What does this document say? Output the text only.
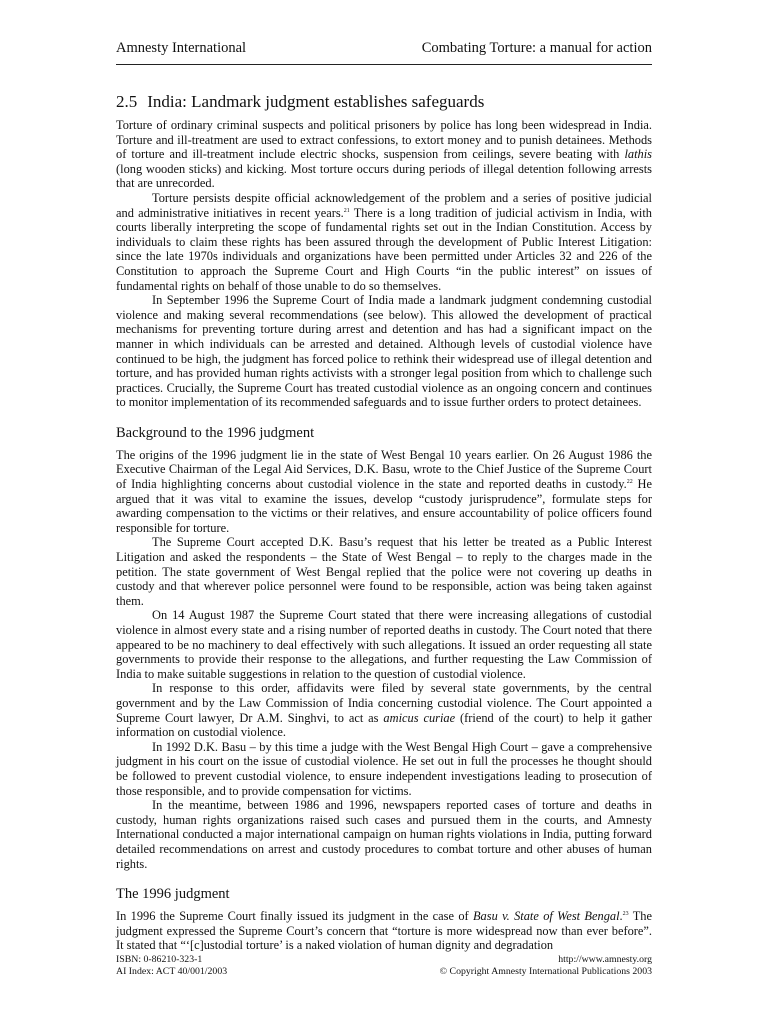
Amnesty International	Combating Torture: a manual for action
2.5 India: Landmark judgment establishes safeguards

Torture of ordinary criminal suspects and political prisoners by police has long been widespread in India. Torture and ill-treatment are used to extract confessions, to extort money and to punish detainees. Methods of torture and ill-treatment include electric shocks, suspension from ceilings, severe beating with lathis (long wooden sticks) and kicking. Most torture occurs during periods of illegal detention following arrests that are unrecorded.

Torture persists despite official acknowledgement of the problem and a series of positive judicial and administrative initiatives in recent years.$^{21}$ There is a long tradition of judicial activism in India, with courts liberally interpreting the scope of fundamental rights set out in the Indian Constitution. Access by individuals to claim these rights has been assured through the development of Public Interest Litigation: since the late 1970s individuals and organizations have been permitted under Articles 32 and 226 of the Constitution to approach the Supreme Court and High Courts “in the public interest” on issues of fundamental rights on behalf of those unable to do so themselves.

In September 1996 the Supreme Court of India made a landmark judgment condemning custodial violence and making several recommendations (see below). This allowed the development of practical mechanisms for preventing torture during arrest and detention and has had a significant impact on the manner in which individuals can be arrested and detained. Although levels of custodial violence have continued to be high, the judgment has forced police to rethink their widespread use of illegal detention and torture, and has provided human rights activists with a stronger legal position from which to challenge such practices. Crucially, the Supreme Court has treated custodial violence as an ongoing concern and continues to monitor implementation of its recommended safeguards and to issue further orders to protect detainees.

Background to the 1996 judgment

The origins of the 1996 judgment lie in the state of West Bengal 10 years earlier. On 26 August 1986 the Executive Chairman of the Legal Aid Services, D.K. Basu, wrote to the Chief Justice of the Supreme Court of India highlighting concerns about custodial violence in the state and reported deaths in custody.$^{22}$ He argued that it was vital to examine the issues, develop “custody jurisprudence”, formulate steps for awarding compensation to the victims or their relatives, and ensure accountability of police officers found responsible for torture.

The Supreme Court accepted D.K. Basu’s request that his letter be treated as a Public Interest Litigation and asked the respondents – the State of West Bengal – to reply to the charges made in the petition. The state government of West Bengal replied that the police were not covering up deaths in custody and that wherever police personnel were found to be responsible, action was being taken against them.

On 14 August 1987 the Supreme Court stated that there were increasing allegations of custodial violence in almost every state and a rising number of reported deaths in custody. The Court noted that there appeared to be no machinery to deal effectively with such allegations. It issued an order requesting all state governments to provide their response to the allegations, and further requesting the Law Commission of India to make suitable suggestions in relation to the question of custodial violence.

In response to this order, affidavits were filed by several state governments, by the central government and by the Law Commission of India concerning custodial violence. The Court appointed a Supreme Court lawyer, Dr A.M. Singhvi, to act as amicus curiae (friend of the court) to help it gather information on custodial violence.

In 1992 D.K. Basu – by this time a judge with the West Bengal High Court – gave a comprehensive judgment in his court on the issue of custodial violence. He set out in full the processes he thought should be followed to prevent custodial violence, to ensure independent investigations leading to prosecution of those responsible, and to provide compensation for victims.

In the meantime, between 1986 and 1996, newspapers reported cases of torture and deaths in custody, human rights organizations raised such cases and pursued them in the courts, and Amnesty International conducted a major international campaign on human rights violations in India, putting forward detailed recommendations on arrest and custody procedures to combat torture and other abuses of human rights.

The 1996 judgment

In 1996 the Supreme Court finally issued its judgment in the case of Basu v. State of West Bengal.$^{23}$ The judgment expressed the Supreme Court’s concern that “torture is more widespread now than ever before”. It stated that “‘[c]ustodial torture’ is a naked violation of human dignity and degradation

ISBN: 0-86210-323-1
AI Index: ACT 40/001/2003
http://www.amnesty.org
© Copyright Amnesty International Publications 2003
